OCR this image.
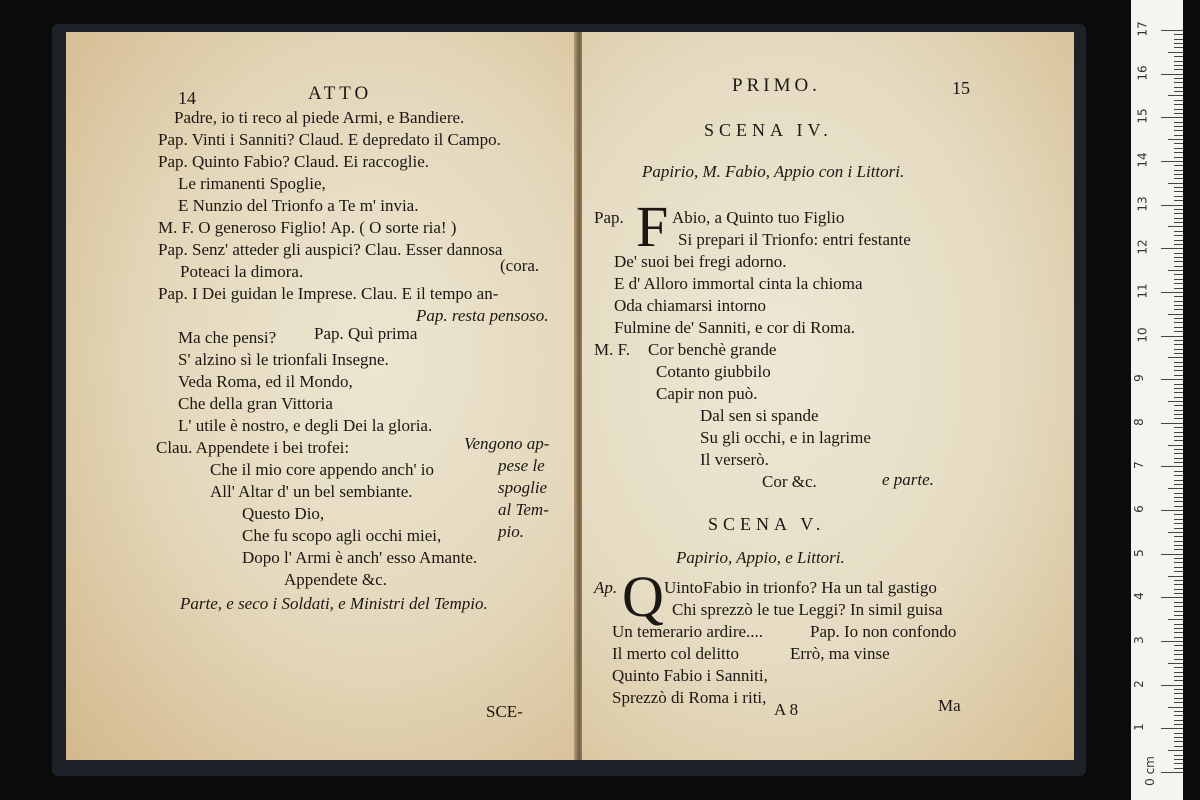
14	ATTO
Padre, io ti reco al piede Armi, e Bandiere.
Pap. Vinti i Sanniti? Claud. E depredato il Campo.
Pap. Quinto Fabio? Claud. Ei raccoglie.
Le rimanenti Spoglie,
E Nunzio del Trionfo a Te m' invia.
M. F. O generoso Figlio! Ap. ( O sorte ria! )
Pap. Senz' atteder gli auspici? Clau. Esser dannosa
Poteaci la dimora.	(cora.
Pap. I Dei guidan le Imprese. Clau. E il tempo an-
Pap. resta pensoso.
Ma che pensi? Pap. Quì prima
S' alzino sì le trionfali Insegne.
Veda Roma, ed il Mondo,
Che della gran Vittoria
L' utile è nostro, e degli Dei la gloria.
Clau. Appendete i bei trofei:
Che il mio core appendo anch' io
All' Altar d' un bel sembiante.
Questo Dio,
Che fu scopo agli occhi miei,
Dopo l' Armi è anch' esso Amante.
Appendete &c.
Parte, e seco i Soldati, e Ministri del Tempio.
SCE-
Vengono ap-
pese le
spoglie
al Tem-
pio.
PRIMO.	15
SCENA IV.
Papirio, M. Fabio, Appio con i Littori.
Pap. F Abio, a Quinto tuo Figlio
Si prepari il Trionfo: entri festante
De' suoi bei fregi adorno.
E d' Alloro immortal cinta la chioma
Oda chiamarsi intorno
Fulmine de' Sanniti, e cor di Roma.
M. F. Cor benchè grande
Cotanto giubbilo
Capir non può.
Dal sen si spande
Su gli occhi, e in lagrime
Il verserò.
Cor &c.	e parte.
SCENA V.
Papirio, Appio, e Littori.
Ap. Q UintoFabio in trionfo? Ha un tal gastigo
Chi sprezzò le tue Leggi? In simil guisa
Un temerario ardire....	Pap. Io non confondo
Il merto col delitto	Errò, ma vinse
Quinto Fabio i Sanniti,
Sprezzò di Roma i riti,
A 8	Ma
0 cm
1
2
3
4
5
6
7
8
9
10
11
12
13
14
15
16
17
